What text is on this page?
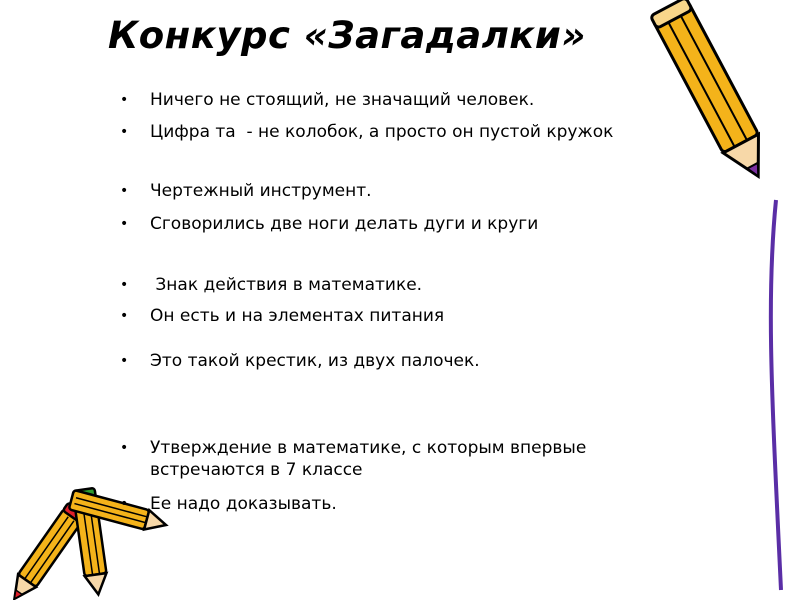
Конкурс «Загадалки»
•	Ничего не стоящий, не значащий человек.
•	Цифра та  - не колобок, а просто он пустой кружок
•	Чертежный инструмент.
•	Сговорились две ноги делать дуги и круги
•	Знак действия в математике.
•	Он есть и на элементах питания
•	Это такой крестик, из двух палочек.
•	Утверждение в математике, с которым впервые встречаются в 7 классе
•	Ее надо доказывать.
